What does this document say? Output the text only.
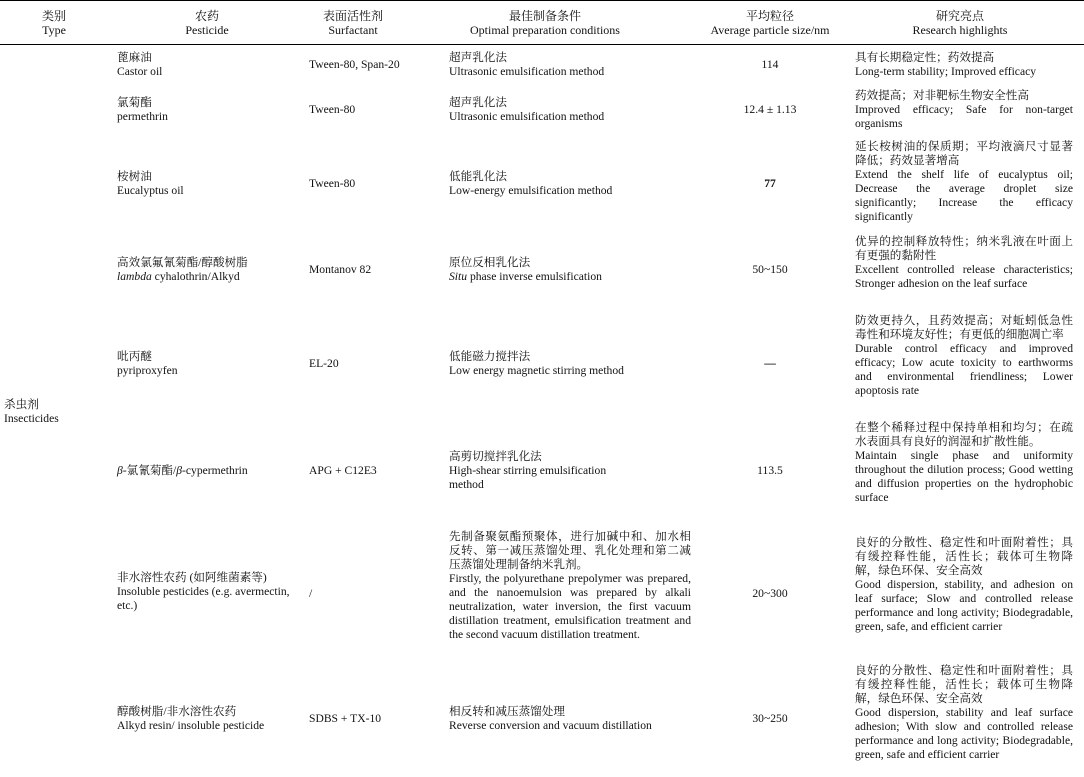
类别
Type
农药
Pesticide
表面活性剂
Surfactant
最佳制备条件
Optimal preparation conditions
平均粒径
Average particle size/nm
研究亮点
Research highlights
杀虫剂
Insecticides
蓖麻油
Castor oil
Tween-80, Span-20
超声乳化法
Ultrasonic emulsification method
114
具有长期稳定性；药效提高
Long-term stability; Improved efficacy
氯菊酯
permethrin
Tween-80
超声乳化法
Ultrasonic emulsification method
12.4 ± 1.13
药效提高；对非靶标生物安全性高
Improved efficacy; Safe for non-target organisms
桉树油
Eucalyptus oil
Tween-80
低能乳化法
Low-energy emulsification method
77
延长桉树油的保质期；平均液滴尺寸显著降低；药效显著增高
Extend the shelf life of eucalyptus oil; Decrease the average droplet size significantly; Increase the efficacy significantly
高效氯氟氰菊酯/醇酸树脂
lambda cyhalothrin/Alkyd
Montanov 82
原位反相乳化法
Situ phase inverse emulsification
50~150
优异的控制释放特性；纳米乳液在叶面上有更强的黏附性
Excellent controlled release characteristics; Stronger adhesion on the leaf surface
吡丙醚
pyriproxyfen
EL-20
低能磁力搅拌法
Low energy magnetic stirring method
—
防效更持久，且药效提高；对蚯蚓低急性毒性和环境友好性；有更低的细胞凋亡率
Durable control efficacy and improved efficacy; Low acute toxicity to earthworms and environmental friendliness; Lower apoptosis rate
β-氯氰菊酯/β-cypermethrin	APG + C12E3
高剪切搅拌乳化法
High-shear stirring emulsification method
113.5
在整个稀释过程中保持单相和均匀；在疏水表面具有良好的润湿和扩散性能。
Maintain single phase and uniformity throughout the dilution process; Good wetting and diffusion properties on the hydrophobic surface
非水溶性农药 (如阿维菌素等)
Insoluble pesticides (e.g. avermectin, etc.)
/
先制备聚氨酯预聚体，进行加碱中和、加水相反转、第一减压蒸馏处理、乳化处理和第二减压蒸馏处理制备纳米乳剂。
Firstly, the polyurethane prepolymer was prepared, and the nanoemulsion was prepared by alkali neutralization, water inversion, the first vacuum distillation treatment, emulsification treatment and the second vacuum distillation treatment.
20~300
良好的分散性、稳定性和叶面附着性；具有缓控释性能，活性长；载体可生物降解，绿色环保、安全高效
Good dispersion, stability, and adhesion on leaf surface; Slow and controlled release performance and long activity; Biodegradable, green, safe, and efficient carrier
醇酸树脂/非水溶性农药
Alkyd resin/ insoluble pesticide
SDBS + TX-10
相反转和减压蒸馏处理
Reverse conversion and vacuum distillation
30~250
良好的分散性、稳定性和叶面附着性；具有缓控释性能，活性长；载体可生物降解，绿色环保、安全高效
Good dispersion, stability and leaf surface adhesion; With slow and controlled release performance and long activity; Biodegradable, green, safe and efficient carrier
